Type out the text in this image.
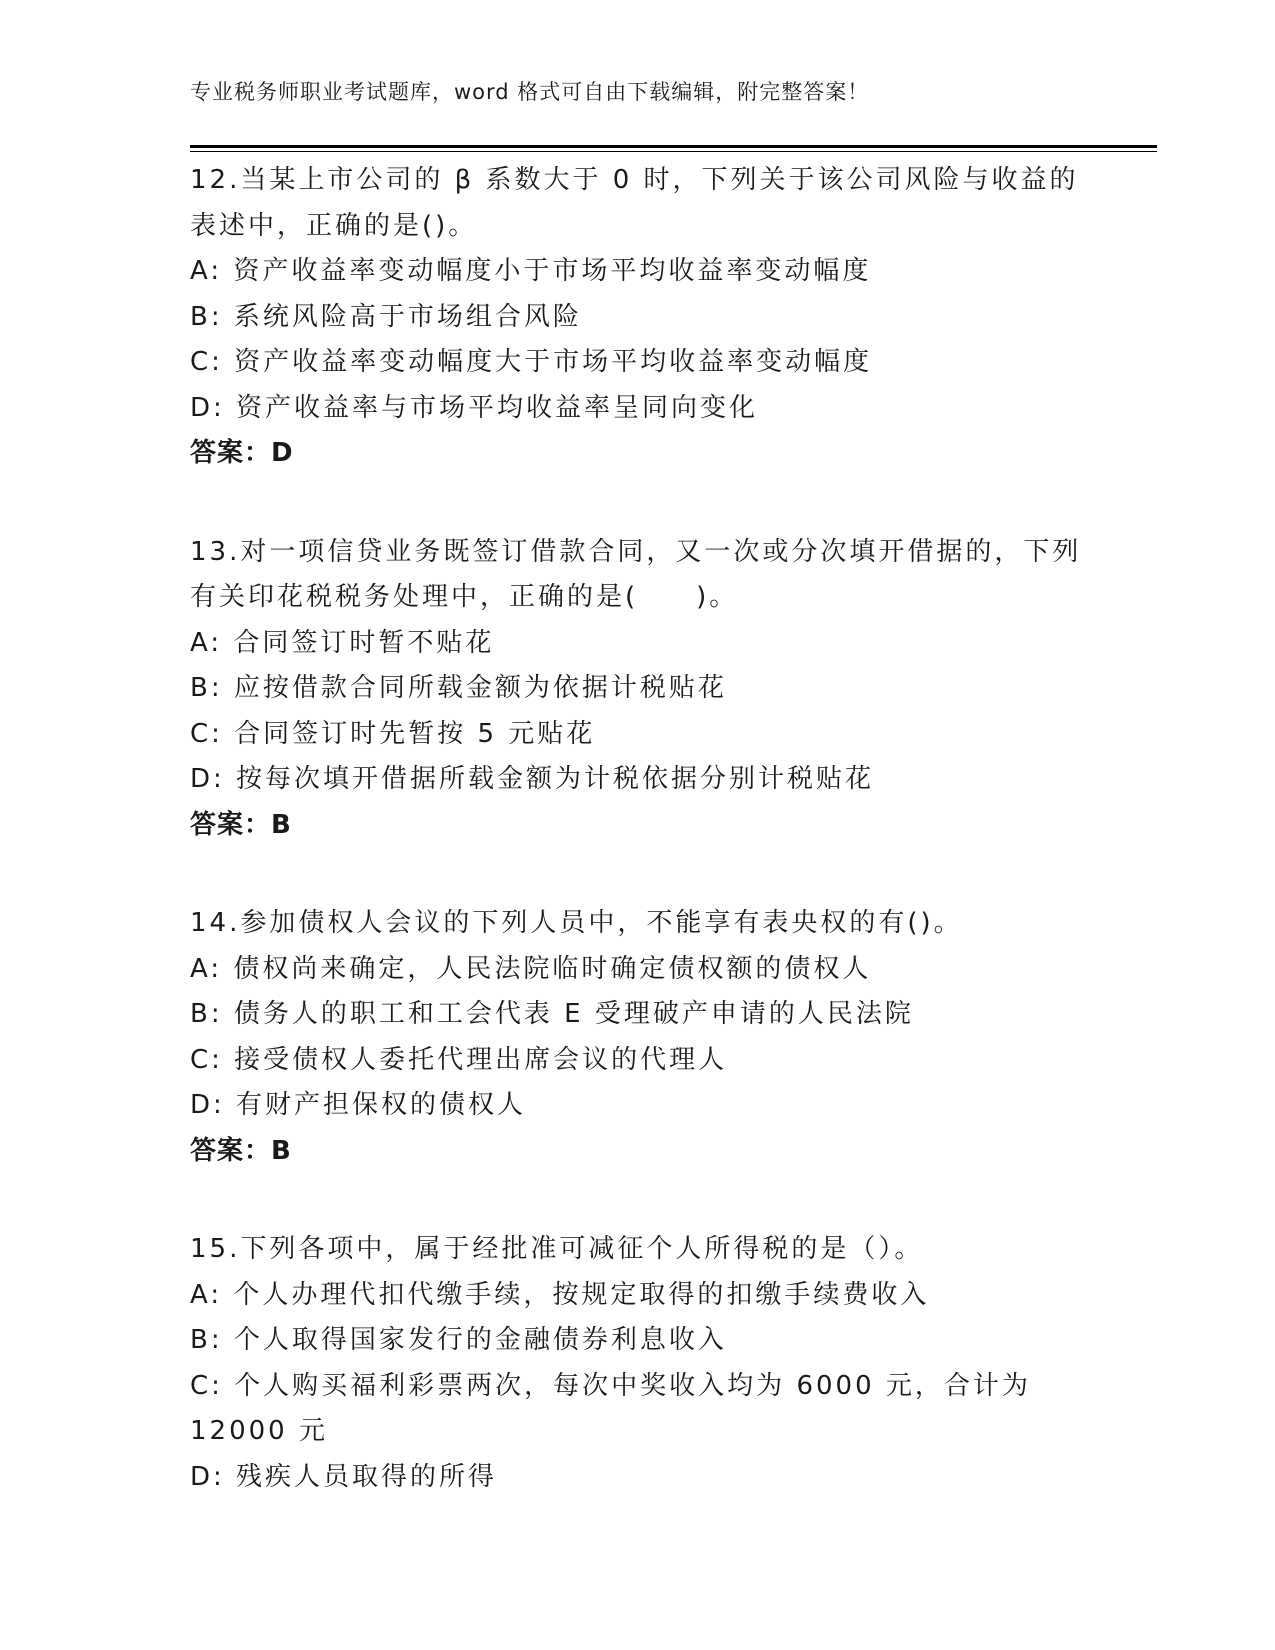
专业税务师职业考试题库，word 格式可自由下载编辑，附完整答案！
12.当某上市公司的 β 系数大于 0 时，下列关于该公司风险与收益的表述中，正确的是()。
A: 资产收益率变动幅度小于市场平均收益率变动幅度
B: 系统风险高于市场组合风险
C: 资产收益率变动幅度大于市场平均收益率变动幅度
D: 资产收益率与市场平均收益率呈同向变化
答案：D
13.对一项信贷业务既签订借款合同，又一次或分次填开借据的，下列有关印花税税务处理中，正确的是(　　)。
A: 合同签订时暂不贴花
B: 应按借款合同所载金额为依据计税贴花
C: 合同签订时先暂按 5 元贴花
D: 按每次填开借据所载金额为计税依据分别计税贴花
答案：B
14.参加债权人会议的下列人员中，不能享有表央权的有()。
A: 债权尚来确定，人民法院临时确定债权额的债权人
B: 债务人的职工和工会代表 E 受理破产申请的人民法院
C: 接受债权人委托代理出席会议的代理人
D: 有财产担保权的债权人
答案：B
15.下列各项中，属于经批准可减征个人所得税的是（）。
A: 个人办理代扣代缴手续，按规定取得的扣缴手续费收入
B: 个人取得国家发行的金融债券利息收入
C: 个人购买福利彩票两次，每次中奖收入均为 6000 元，合计为 12000 元
D: 残疾人员取得的所得
